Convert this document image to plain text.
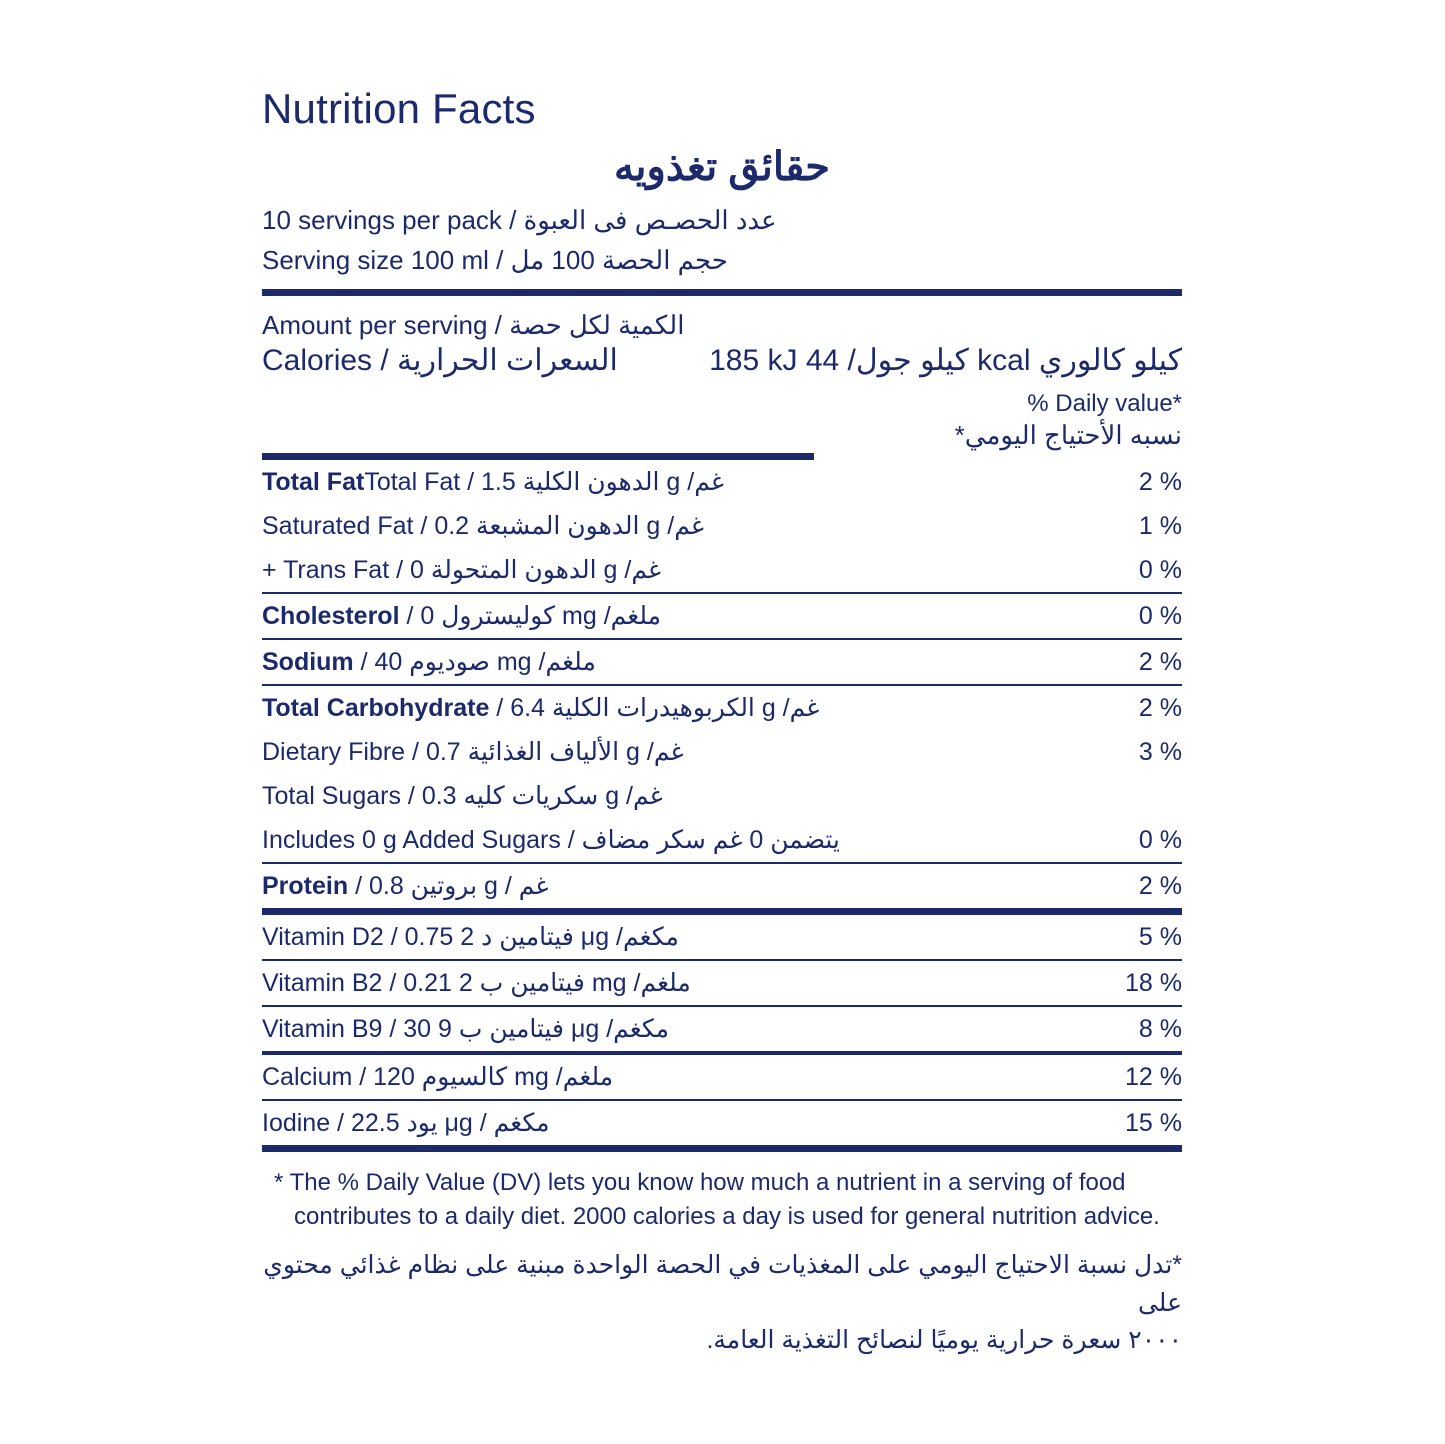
Nutrition Facts
حقائق تغذويه
10 servings per pack / عدد الحصـص فى العبوة
Serving size 100 ml / حجم الحصة 100 مل
Amount per serving / الكمية لكل حصة
Calories / السعرات الحرارية	185 kJ كيلو جول/ 44 kcal كيلو كالوري
% Daily value*
نسبه الأحتياج اليومي*
Total FatTotal Fat / الدهون الكلية 1.5 g /غم	2 %
Saturated Fat / الدهون المشبعة 0.2 g /غم	1 %
+ Trans Fat / الدهون المتحولة 0 g /غم	0 %
Cholesterol / كوليسترول 0 mg /ملغم	0 %
Sodium / صوديوم 40 mg /ملغم	2 %
Total Carbohydrate / الكربوهيدرات الكلية 6.4 g /غم	2 %
Dietary Fibre / الألياف الغذائية 0.7 g /غم	3 %
Total Sugars / سكريات كليه 0.3 g /غم
Includes 0 g Added Sugars / يتضمن 0 غم سكر مضاف	0 %
Protein / بروتين 0.8 g / غم	2 %
Vitamin D2 / فيتامين د 2 0.75 μg /مكغم	5 %
Vitamin B2 / فيتامين ب 2 0.21 mg /ملغم	18 %
Vitamin B9 / فيتامين ب 9 30 μg /مكغم	8 %
Calcium / كالسيوم 120 mg /ملغم	12 %
Iodine / يود 22.5 μg / مكغم	15 %
* The % Daily Value (DV) lets you know how much a nutrient in a serving of food
contributes to a daily diet. 2000 calories a day is used for general nutrition advice.
*تدل نسبة الاحتياج اليومي على المغذيات في الحصة الواحدة مبنية على نظام غذائي محتوي على
٢٠٠٠ سعرة حرارية يوميًا لنصائح التغذية العامة.
